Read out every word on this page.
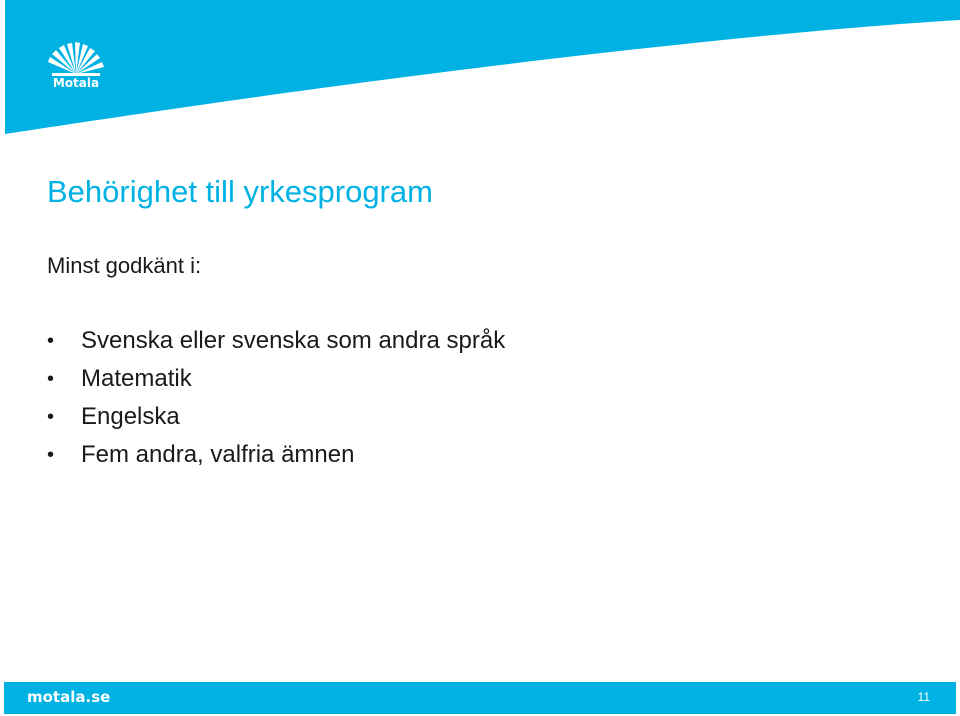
Motala
Behörighet till yrkesprogram

Minst godkänt i:

• Svenska eller svenska som andra språk
• Matematik
• Engelska
• Fem andra, valfria ämnen
motala.se	11
